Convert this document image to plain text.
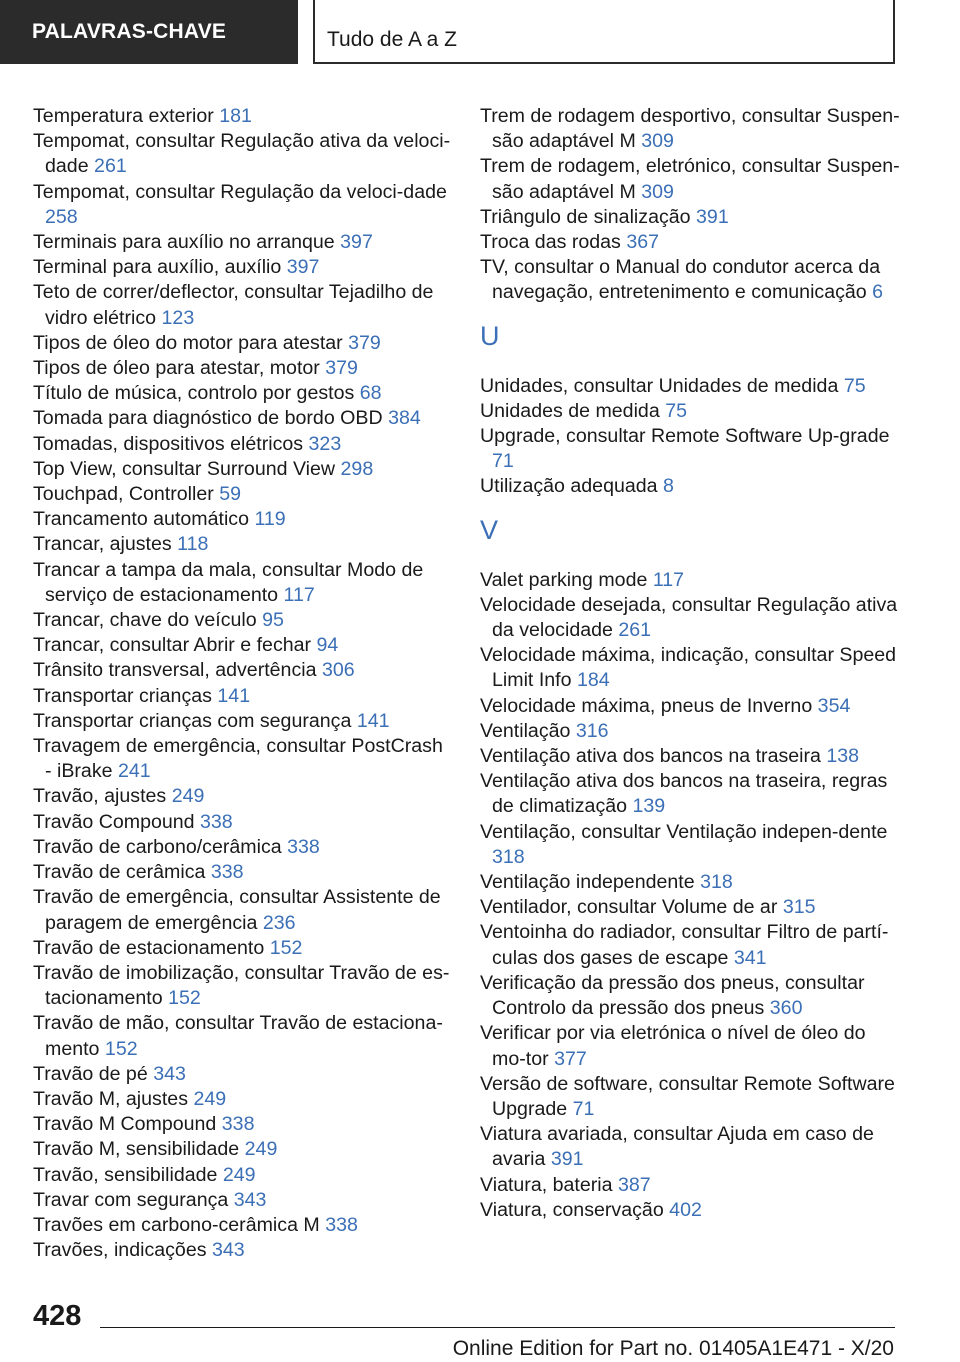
PALAVRAS-CHAVE	Tudo de A a Z
Temperatura exterior 181
Tempomat, consultar Regulação ativa da veloci-dade 261
Tempomat, consultar Regulação da veloci-dade 258
Terminais para auxílio no arranque 397
Terminal para auxílio, auxílio 397
Teto de correr/deflector, consultar Tejadilho de vidro elétrico 123
Tipos de óleo do motor para atestar 379
Tipos de óleo para atestar, motor 379
Título de música, controlo por gestos 68
Tomada para diagnóstico de bordo OBD 384
Tomadas, dispositivos elétricos 323
Top View, consultar Surround View 298
Touchpad, Controller 59
Trancamento automático 119
Trancar, ajustes 118
Trancar a tampa da mala, consultar Modo de serviço de estacionamento 117
Trancar, chave do veículo 95
Trancar, consultar Abrir e fechar 94
Trânsito transversal, advertência 306
Transportar crianças 141
Transportar crianças com segurança 141
Travagem de emergência, consultar PostCrash - iBrake 241
Travão, ajustes 249
Travão Compound 338
Travão de carbono/cerâmica 338
Travão de cerâmica 338
Travão de emergência, consultar Assistente de paragem de emergência 236
Travão de estacionamento 152
Travão de imobilização, consultar Travão de es-tacionamento 152
Travão de mão, consultar Travão de estaciona-mento 152
Travão de pé 343
Travão M, ajustes 249
Travão M Compound 338
Travão M, sensibilidade 249
Travão, sensibilidade 249
Travar com segurança 343
Travões em carbono-cerâmica M 338
Travões, indicações 343
Trem de rodagem desportivo, consultar Suspen-são adaptável M 309
Trem de rodagem, eletrónico, consultar Suspen-são adaptável M 309
Triângulo de sinalização 391
Troca das rodas 367
TV, consultar o Manual do condutor acerca da navegação, entretenimento e comunicação 6
U
Unidades, consultar Unidades de medida 75
Unidades de medida 75
Upgrade, consultar Remote Software Up-grade 71
Utilização adequada 8
V
Valet parking mode 117
Velocidade desejada, consultar Regulação ativa da velocidade 261
Velocidade máxima, indicação, consultar Speed Limit Info 184
Velocidade máxima, pneus de Inverno 354
Ventilação 316
Ventilação ativa dos bancos na traseira 138
Ventilação ativa dos bancos na traseira, regras de climatização 139
Ventilação, consultar Ventilação indepen-dente 318
Ventilação independente 318
Ventilador, consultar Volume de ar 315
Ventoinha do radiador, consultar Filtro de partí-culas dos gases de escape 341
Verificação da pressão dos pneus, consultar Controlo da pressão dos pneus 360
Verificar por via eletrónica o nível de óleo do mo-tor 377
Versão de software, consultar Remote Software Upgrade 71
Viatura avariada, consultar Ajuda em caso de avaria 391
Viatura, bateria 387
Viatura, conservação 402
428
Online Edition for Part no. 01405A1E471 - X/20
